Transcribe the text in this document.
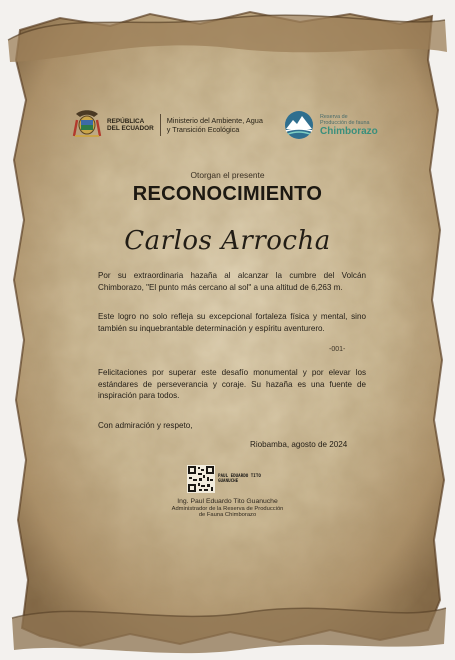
REPÚBLICA
DEL ECUADOR
Ministerio del Ambiente, Agua
y Transición Ecológica
Reserva de
Producción de fauna
Chimborazo
Otorgan el presente
RECONOCIMIENTO
Carlos Arrocha
Por su extraordinaria hazaña al alcanzar la cumbre del Volcán Chimborazo, "El punto más cercano al sol" a una altitud de 6,263 m.
Este logro no solo refleja su excepcional fortaleza física y mental, sino también su inquebrantable determinación y espíritu aventurero.
-001-
Felicitaciones por superar este desafío monumental y por elevar los estándares de perseverancia y coraje. Su hazaña es una fuente de inspiración para todos.
Con admiración y respeto,
Riobamba, agosto de 2024
PAUL EDUARDO TITO
GUANUCHE
Ing. Paul Eduardo Tito Guanuche
Administrador de la Reserva de Producción
de Fauna Chimborazo
